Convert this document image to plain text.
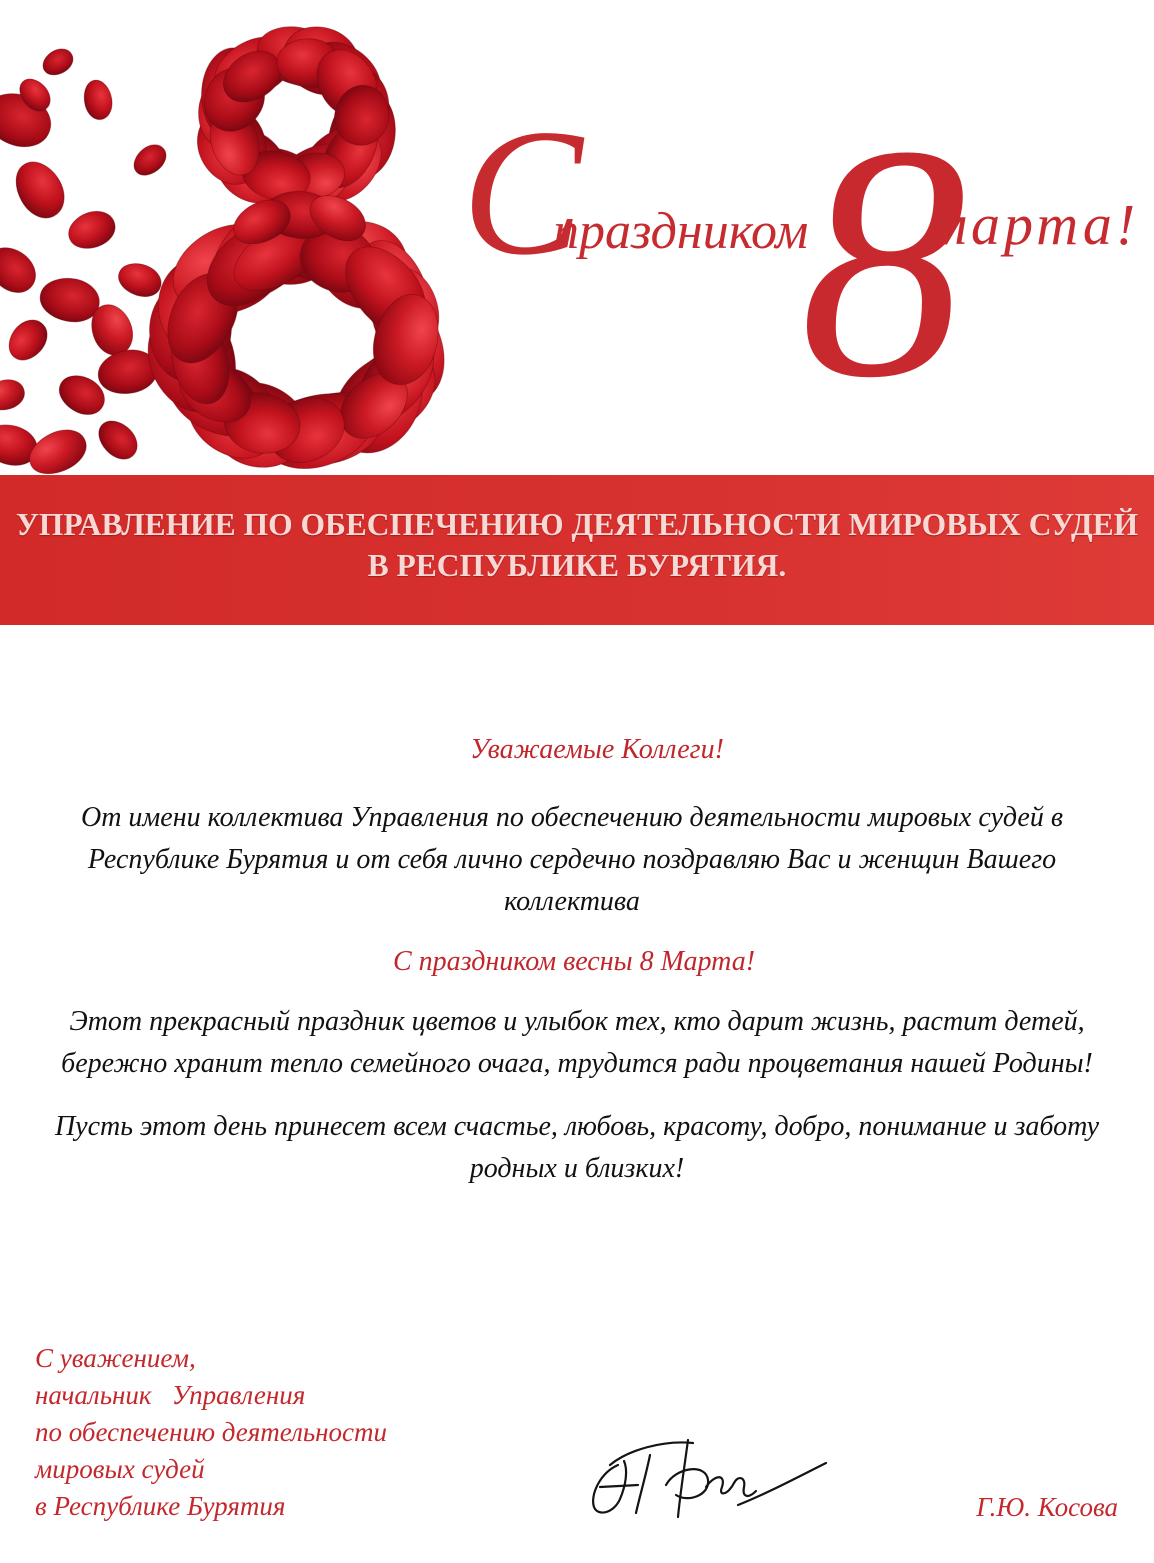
С
праздником
8
марта!
УПРАВЛЕНИЕ ПО ОБЕСПЕЧЕНИЮ ДЕЯТЕЛЬНОСТИ МИРОВЫХ СУДЕЙ
В РЕСПУБЛИКЕ БУРЯТИЯ.
Уважаемые Коллеги!
От имени коллектива Управления по обеспечению деятельности мировых судей в
Республике Бурятия и от себя лично сердечно поздравляю Вас и женщин Вашего
коллектива
С праздником весны 8 Марта!
Этот прекрасный праздник цветов и улыбок тех, кто дарит жизнь, растит детей,
бережно хранит тепло семейного очага, трудится ради процветания нашей Родины!
Пусть этот день принесет всем счастье, любовь, красоту, добро, понимание и заботу
родных и близких!
С уважением,
начальник   Управления
по обеспечению деятельности
мировых судей
в Республике Бурятия	Г.Ю. Косова
